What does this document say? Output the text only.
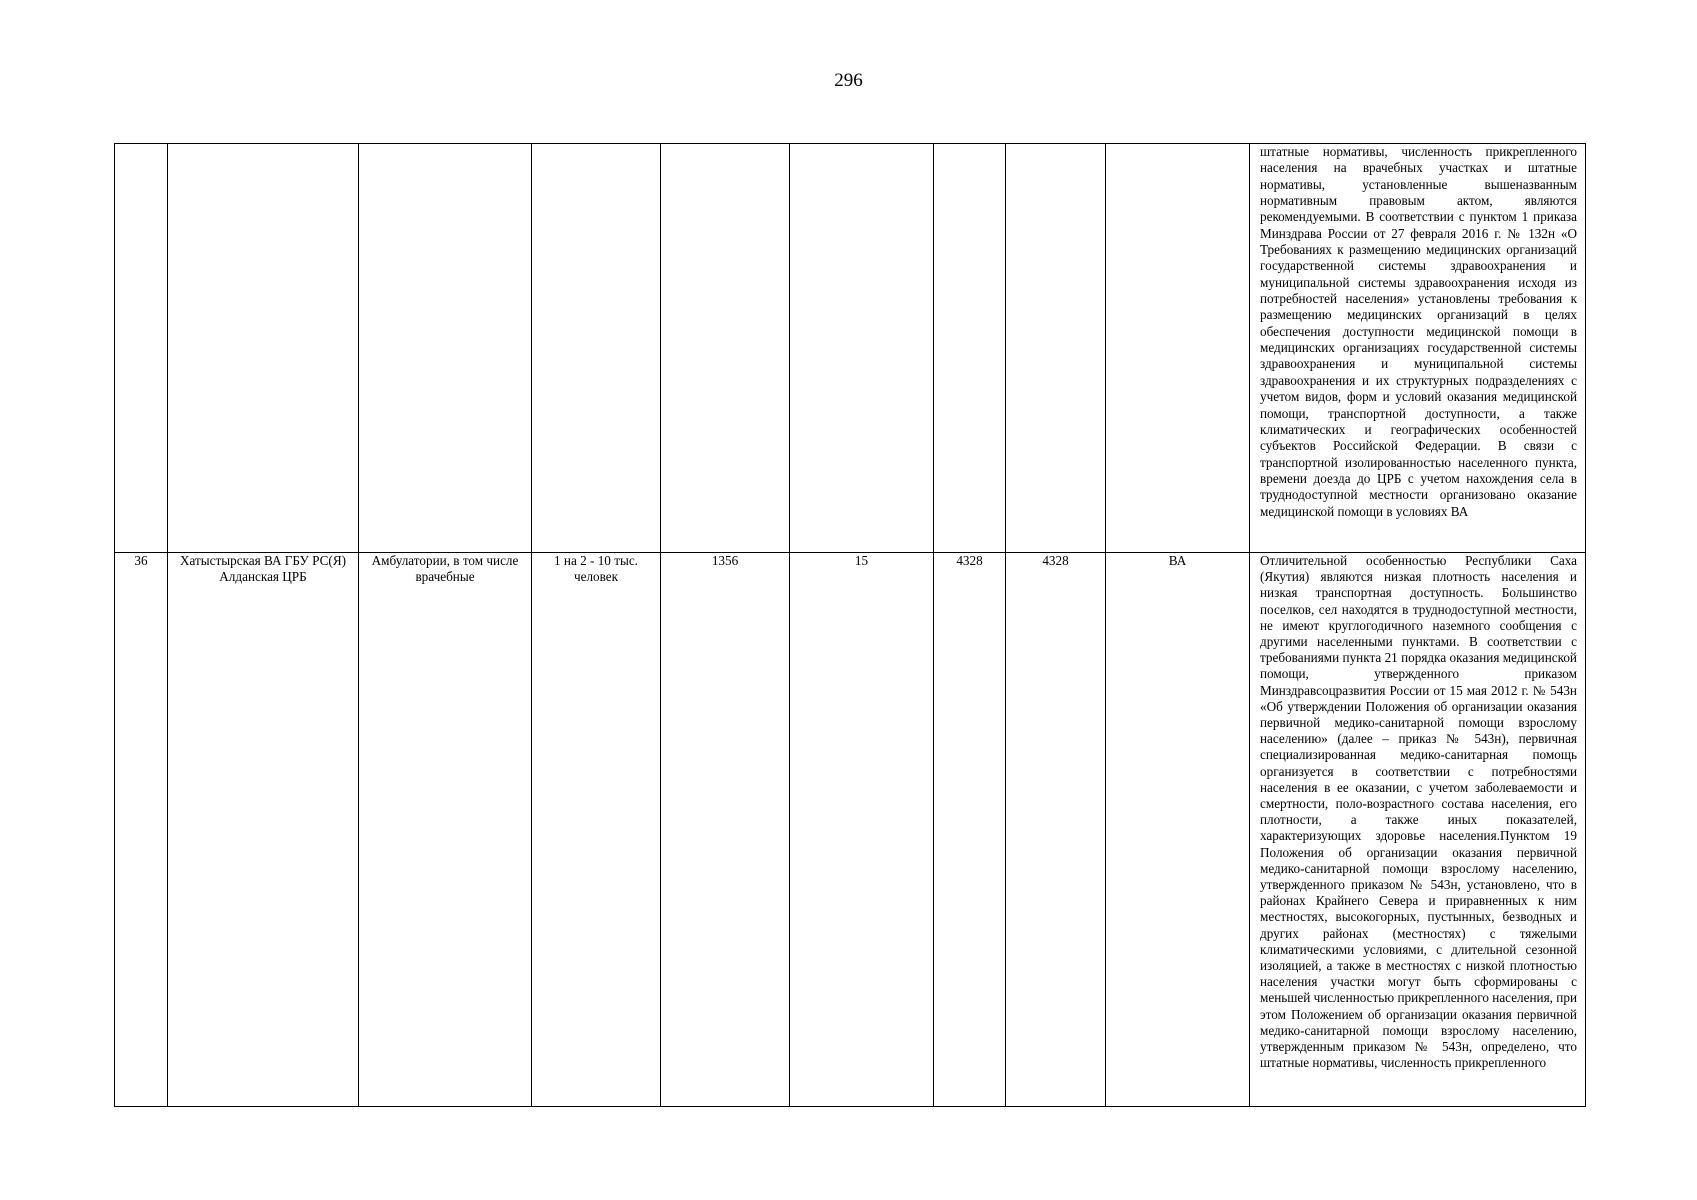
296
									штатные нормативы, численность прикрепленного населения на врачебных участках и штатные нормативы, установленные вышеназванным нормативным правовым актом, являются рекомендуемыми. В соответствии с пунктом 1 приказа Минздрава России от 27 февраля 2016 г. № 132н «О Требованиях к размещению медицинских организаций государственной системы здравоохранения и муниципальной системы здравоохранения исходя из потребностей населения» установлены требования к размещению медицинских организаций в целях обеспечения доступности медицинской помощи в медицинских организациях государственной системы здравоохранения и муниципальной системы здравоохранения и их структурных подразделениях с учетом видов, форм и условий оказания медицинской помощи, транспортной доступности, а также климатических и географических особенностей субъектов Российской Федерации. В связи с транспортной изолированностью населенного пункта, времени доезда до ЦРБ с учетом нахождения села в труднодоступной местности организовано оказание медицинской помощи в условиях ВА
36	Хатыстырская ВА ГБУ РС(Я) Алданская ЦРБ	Амбулатории, в том числе врачебные	1 на 2 - 10 тыс. человек	1356	15	4328	4328	ВА	Отличительной особенностью Республики Саха (Якутия) являются низкая плотность населения и низкая транспортная доступность. Большинство поселков, сел находятся в труднодоступной местности, не имеют круглогодичного наземного сообщения с другими населенными пунктами. В соответствии с требованиями пункта 21 порядка оказания медицинской помощи, утвержденного приказом Минздравсоцразвития России от 15 мая 2012 г. № 543н «Об утверждении Положения об организации оказания первичной медико-санитарной помощи взрослому населению» (далее – приказ № 543н), первичная специализированная медико-санитарная помощь организуется в соответствии с потребностями населения в ее оказании, с учетом заболеваемости и смертности, поло-возрастного состава населения, его плотности, а также иных показателей, характеризующих здоровье населения.Пунктом 19 Положения об организации оказания первичной медико-санитарной помощи взрослому населению, утвержденного приказом № 543н, установлено, что в районах Крайнего Севера и приравненных к ним местностях, высокогорных, пустынных, безводных и других районах (местностях) с тяжелыми климатическими условиями, с длительной сезонной изоляцией, а также в местностях с низкой плотностью населения участки могут быть сформированы с меньшей численностью прикрепленного населения, при этом Положением об организации оказания первичной медико-санитарной помощи взрослому населению, утвержденным приказом № 543н, определено, что штатные нормативы, численность прикрепленного
